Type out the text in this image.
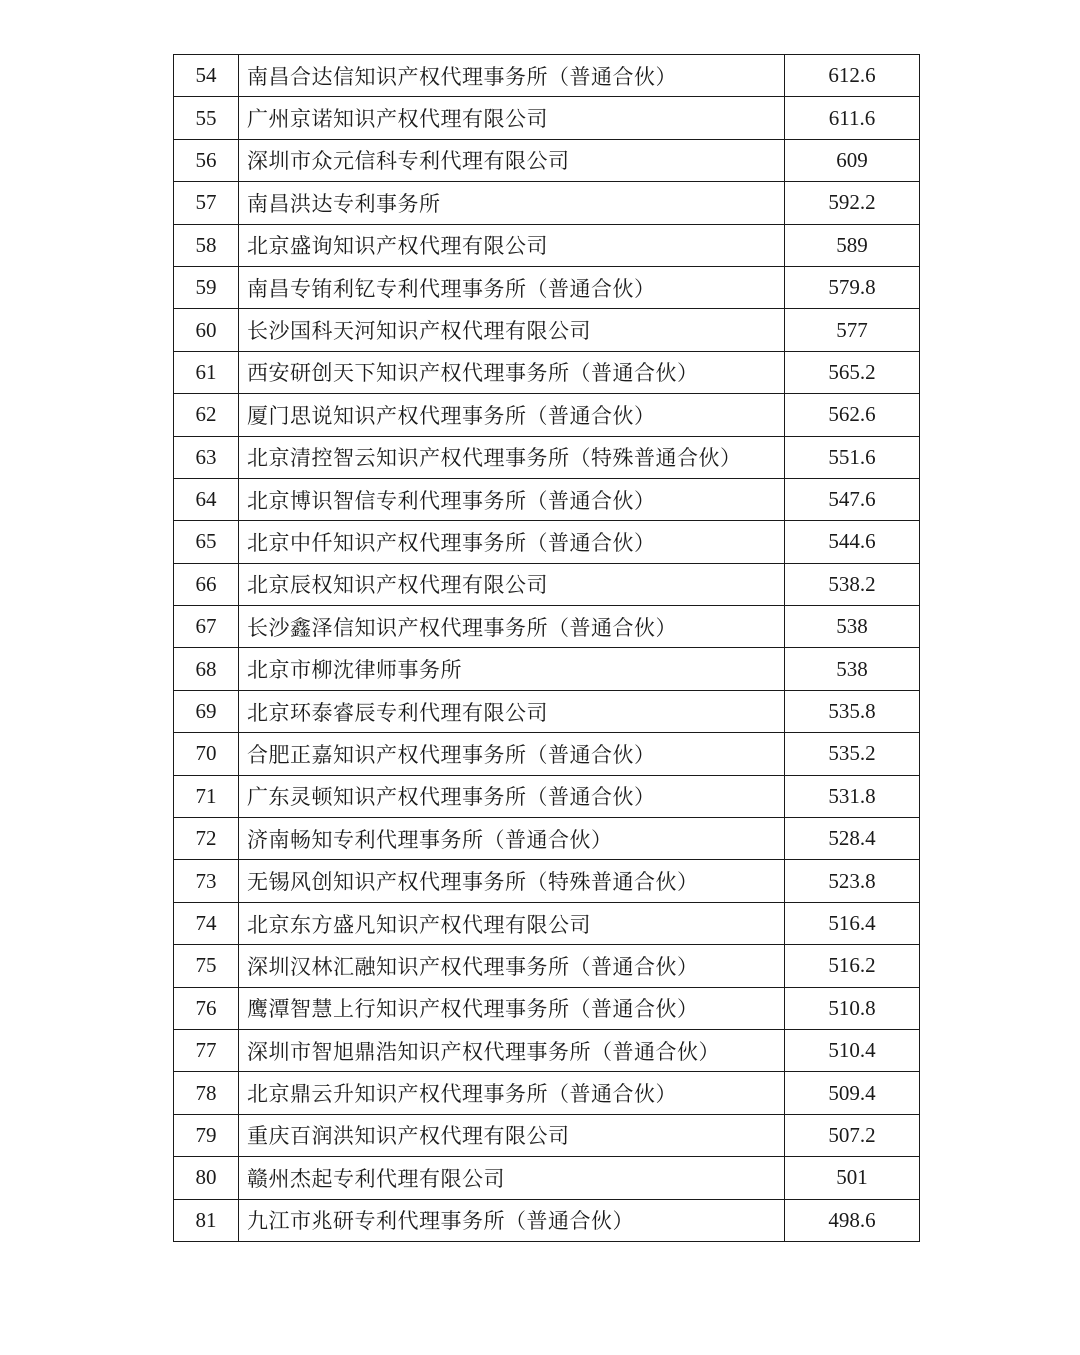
54	南昌合达信知识产权代理事务所（普通合伙）	612.6
55	广州京诺知识产权代理有限公司	611.6
56	深圳市众元信科专利代理有限公司	609
57	南昌洪达专利事务所	592.2
58	北京盛询知识产权代理有限公司	589
59	南昌专铕利钇专利代理事务所（普通合伙）	579.8
60	长沙国科天河知识产权代理有限公司	577
61	西安研创天下知识产权代理事务所（普通合伙）	565.2
62	厦门思说知识产权代理事务所（普通合伙）	562.6
63	北京清控智云知识产权代理事务所（特殊普通合伙）	551.6
64	北京博识智信专利代理事务所（普通合伙）	547.6
65	北京中仟知识产权代理事务所（普通合伙）	544.6
66	北京辰权知识产权代理有限公司	538.2
67	长沙鑫泽信知识产权代理事务所（普通合伙）	538
68	北京市柳沈律师事务所	538
69	北京环泰睿辰专利代理有限公司	535.8
70	合肥正嘉知识产权代理事务所（普通合伙）	535.2
71	广东灵顿知识产权代理事务所（普通合伙）	531.8
72	济南畅知专利代理事务所（普通合伙）	528.4
73	无锡风创知识产权代理事务所（特殊普通合伙）	523.8
74	北京东方盛凡知识产权代理有限公司	516.4
75	深圳汉林汇融知识产权代理事务所（普通合伙）	516.2
76	鹰潭智慧上行知识产权代理事务所（普通合伙）	510.8
77	深圳市智旭鼎浩知识产权代理事务所（普通合伙）	510.4
78	北京鼎云升知识产权代理事务所（普通合伙）	509.4
79	重庆百润洪知识产权代理有限公司	507.2
80	赣州杰起专利代理有限公司	501
81	九江市兆研专利代理事务所（普通合伙）	498.6
